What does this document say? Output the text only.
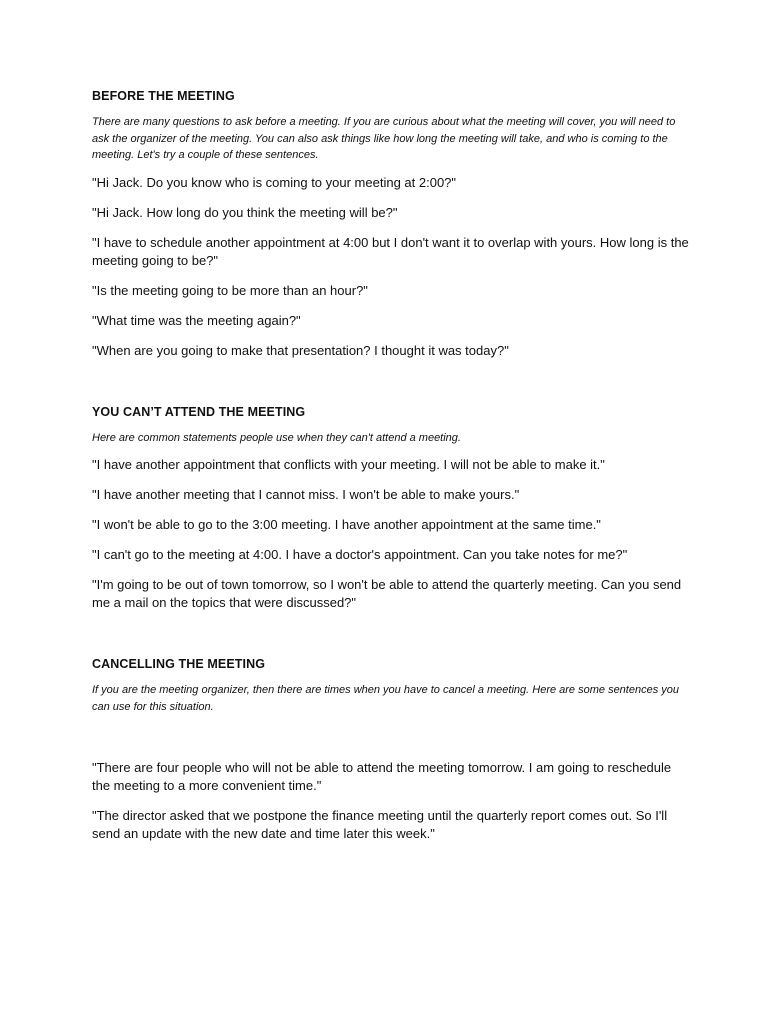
BEFORE THE MEETING

There are many questions to ask before a meeting. If you are curious about what the meeting will cover, you will need to ask the organizer of the meeting. You can also ask things like how long the meeting will take, and who is coming to the meeting. Let's try a couple of these sentences.

"Hi Jack. Do you know who is coming to your meeting at 2:00?"

"Hi Jack. How long do you think the meeting will be?"

"I have to schedule another appointment at 4:00 but I don't want it to overlap with yours. How long is the meeting going to be?"

"Is the meeting going to be more than an hour?"

"What time was the meeting again?"

"When are you going to make that presentation? I thought it was today?"

YOU CAN’T ATTEND THE MEETING

Here are common statements people use when they can't attend a meeting.

"I have another appointment that conflicts with your meeting. I will not be able to make it."

"I have another meeting that I cannot miss. I won't be able to make yours."

"I won't be able to go to the 3:00 meeting. I have another appointment at the same time."

"I can't go to the meeting at 4:00. I have a doctor's appointment. Can you take notes for me?"

"I'm going to be out of town tomorrow, so I won't be able to attend the quarterly meeting. Can you send me a mail on the topics that were discussed?"

CANCELLING THE MEETING

If you are the meeting organizer, then there are times when you have to cancel a meeting. Here are some sentences you can use for this situation.

"There are four people who will not be able to attend the meeting tomorrow. I am going to reschedule the meeting to a more convenient time."

"The director asked that we postpone the finance meeting until the quarterly report comes out. So I'll send an update with the new date and time later this week."
